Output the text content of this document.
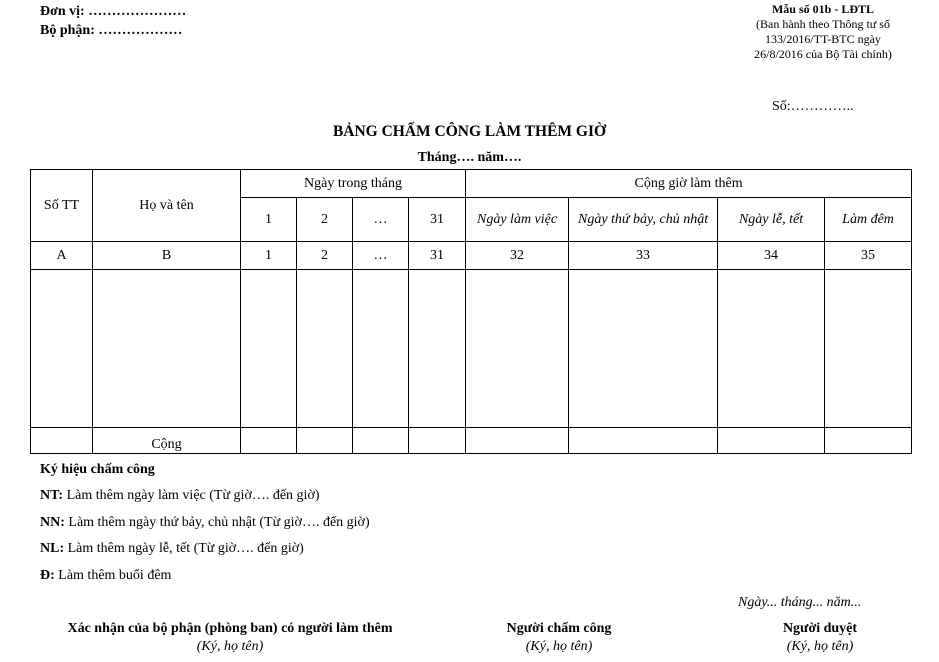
Đơn vị: …………………
Bộ phận: ………………
Mẫu số 01b - LĐTL
(Ban hành theo Thông tư số
133/2016/TT-BTC ngày
26/8/2016 của Bộ Tài chính)
Số:…………..
BẢNG CHẤM CÔNG LÀM THÊM GIỜ
Tháng…. năm….
Số TT	Họ và tên	Ngày trong tháng				Cộng giờ làm thêm			
		1	2	…	31	Ngày làm việc	Ngày thứ bảy, chủ nhật	Ngày lễ, tết	Làm đêm
A	B	1	2	…	31	32	33	34	35

	Cộng								
Ký hiệu chấm công
NT: Làm thêm ngày làm việc (Từ giờ…. đến giờ)
NN: Làm thêm ngày thứ bảy, chủ nhật (Từ giờ…. đến giờ)
NL: Làm thêm ngày lễ, tết (Từ giờ…. đến giờ)
Đ: Làm thêm buổi đêm
Ngày... tháng... năm...
Xác nhận của bộ phận (phòng ban) có người làm thêm
(Ký, họ tên)
Người chấm công
(Ký, họ tên)
Người duyệt
(Ký, họ tên)
